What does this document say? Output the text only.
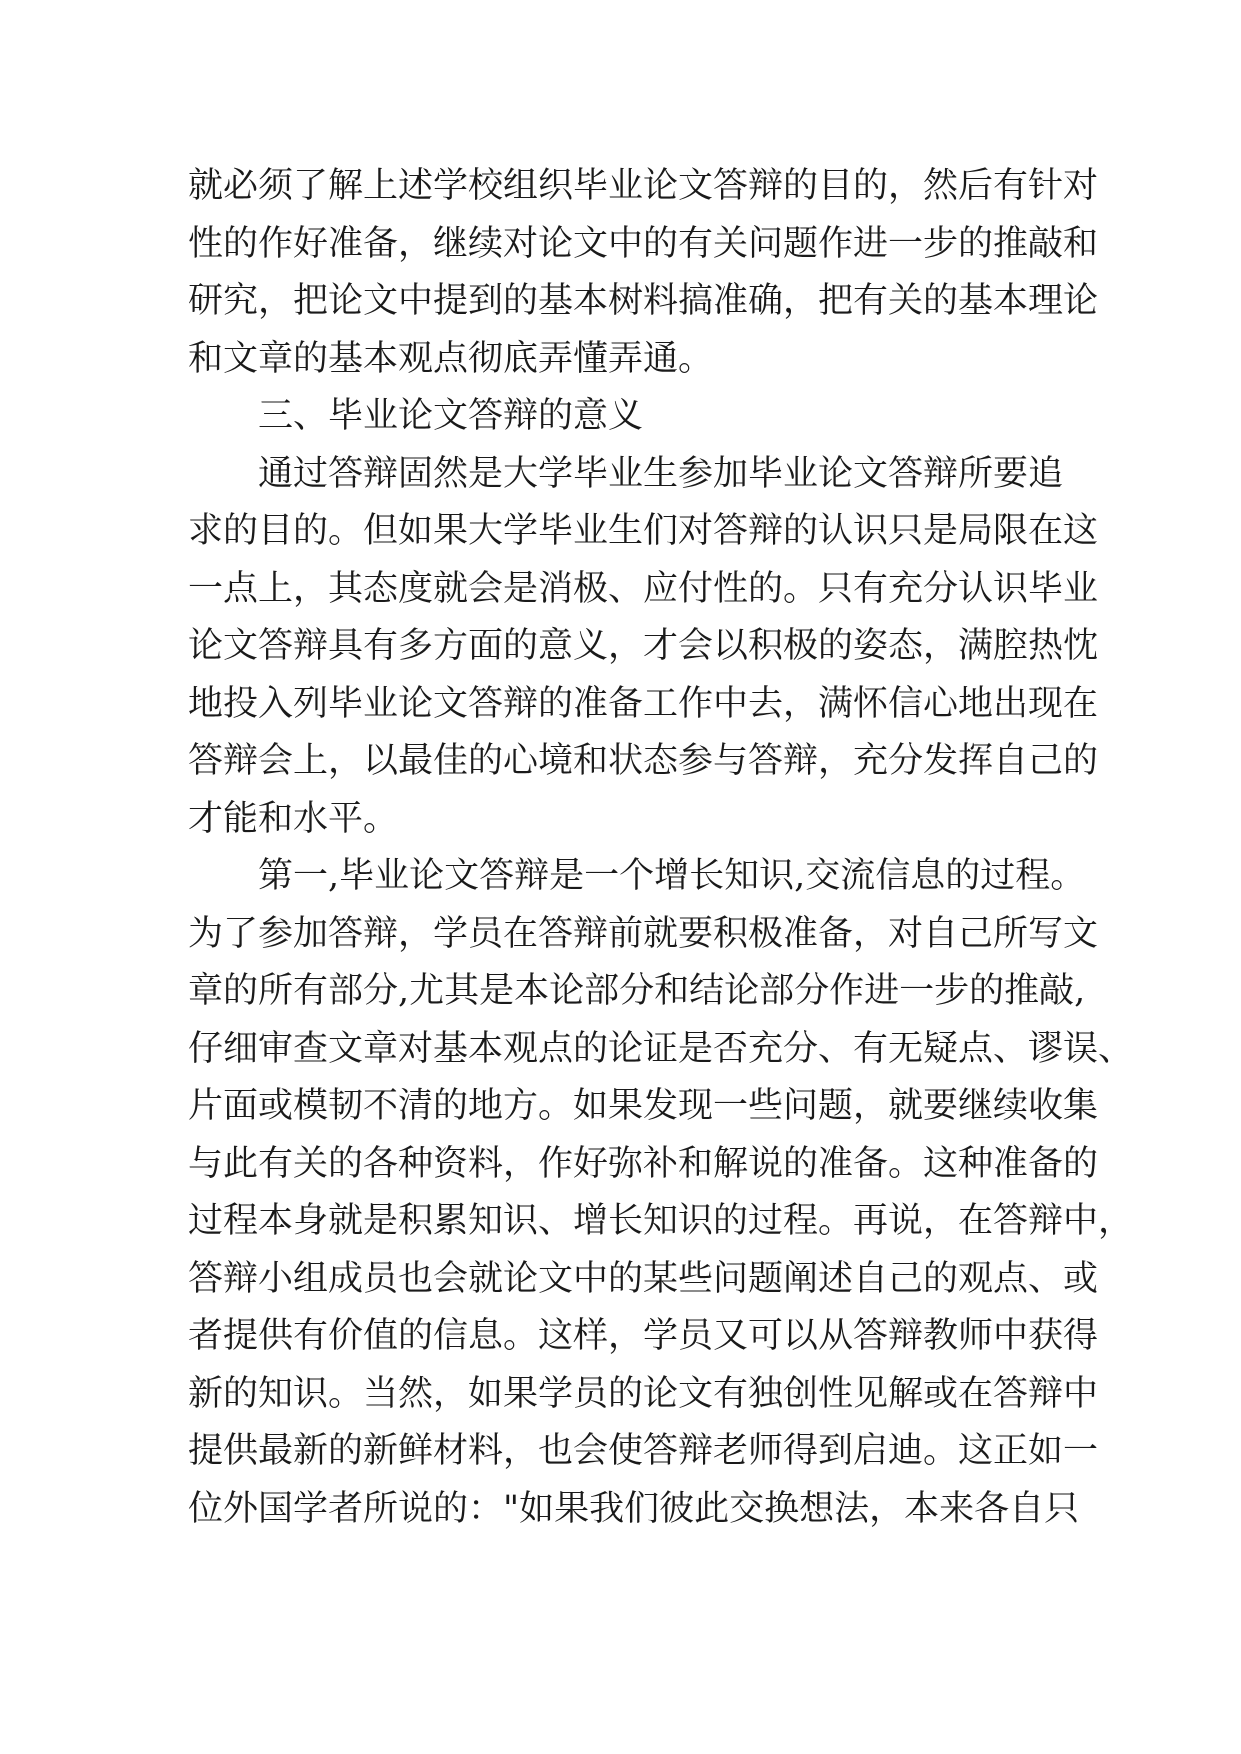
就必须了解上述学校组织毕业论文答辩的目的，然后有针对
性的作好准备，继续对论文中的有关问题作进一步的推敲和
研究，把论文中提到的基本树料搞准确，把有关的基本理论
和文章的基本观点彻底弄懂弄通。
三、毕业论文答辩的意义
通过答辩固然是大学毕业生参加毕业论文答辩所要追
求的目的。但如果大学毕业生们对答辩的认识只是局限在这
一点上，其态度就会是消极、应付性的。只有充分认识毕业
论文答辩具有多方面的意义，才会以积极的姿态，满腔热忱
地投入列毕业论文答辩的准备工作中去，满怀信心地出现在
答辩会上，以最佳的心境和状态参与答辩，充分发挥自己的
才能和水平。
第一,毕业论文答辩是一个增长知识,交流信息的过程。
为了参加答辩，学员在答辩前就要积极准备，对自己所写文
章的所有部分,尤其是本论部分和结论部分作进一步的推敲,
仔细审查文章对基本观点的论证是否充分、有无疑点、谬误、
片面或模韧不清的地方。如果发现一些问题，就要继续收集
与此有关的各种资料，作好弥补和解说的准备。这种准备的
过程本身就是积累知识、增长知识的过程。再说，在答辩中，
答辩小组成员也会就论文中的某些问题阐述自己的观点、或
者提供有价值的信息。这样，学员又可以从答辩教师中获得
新的知识。当然，如果学员的论文有独创性见解或在答辩中
提供最新的新鲜材料，也会使答辩老师得到启迪。这正如一
位外国学者所说的："如果我们彼此交换想法，本来各自只
